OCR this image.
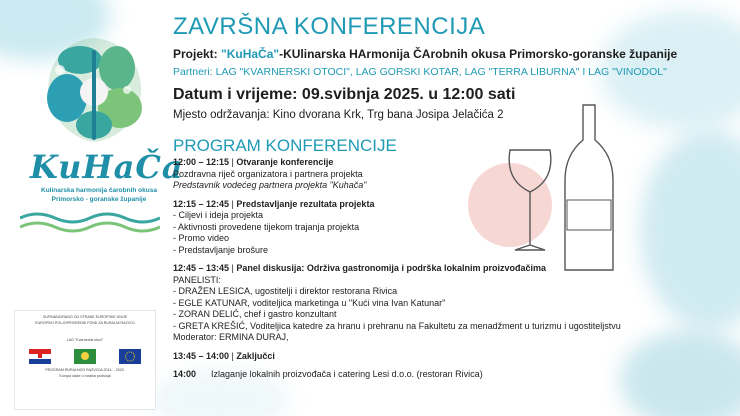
KuHaČa
Kulinarska harmonija čarobnih okusa
Primorsko - goranske županije
SUFINANCIRANO OD STRANE EUROPSKE UNIJE
EUROPSKI POLJOPRIVREDNI FOND ZA RURALNI RAZVOJ
LAG "Kvarnerski otoci"
PROGRAM RURALNOG RAZVOJA 2014. - 2020.
Europa ulaže u ruralna područja
ZAVRŠNA KONFERENCIJA
Projekt: "KuHaČa"-KUlinarska HArmonija ČArobnih okusa Primorsko-goranske županije
Partneri: LAG "KVARNERSKI OTOCI", LAG GORSKI KOTAR, LAG "TERRA LIBURNA" I LAG "VINODOL"
Datum i vrijeme: 09.svibnja 2025. u 12:00 sati
Mjesto održavanja: Kino dvorana Krk, Trg bana Josipa Jelačića 2
PROGRAM KONFERENCIJE
12:00 – 12:15 | Otvaranje konferencije
Pozdravna riječ organizatora i partnera projekta
Predstavnik vodećeg partnera projekta "Kuhača"
12:15 – 12:45 | Predstavljanje rezultata projekta
- Ciljevi i ideja projekta
- Aktivnosti provedene tijekom trajanja projekta
- Promo video
- Predstavljanje brošure
12:45 – 13:45 | Panel diskusija: Održiva gastronomija i podrška lokalnim proizvođačima
PANELISTI:
- DRAŽEN LESICA, ugostitelji i direktor restorana Rivica
- EGLE KATUNAR, voditeljica marketinga u "Kući vina Ivan Katunar"
- ZORAN DELIĆ, chef i gastro konzultant
- GREТA KREŠIĆ, Voditeljica katedre za hranu i prehranu na Fakultetu za menadžment u turizmu i ugostiteljstvu
Moderator: ERMINA DURAJ,
13:45 – 14:00 | Zaključci
14:00 Izlaganje lokalnih proizvođača i catering Lesi d.o.o. (restoran Rivica)
